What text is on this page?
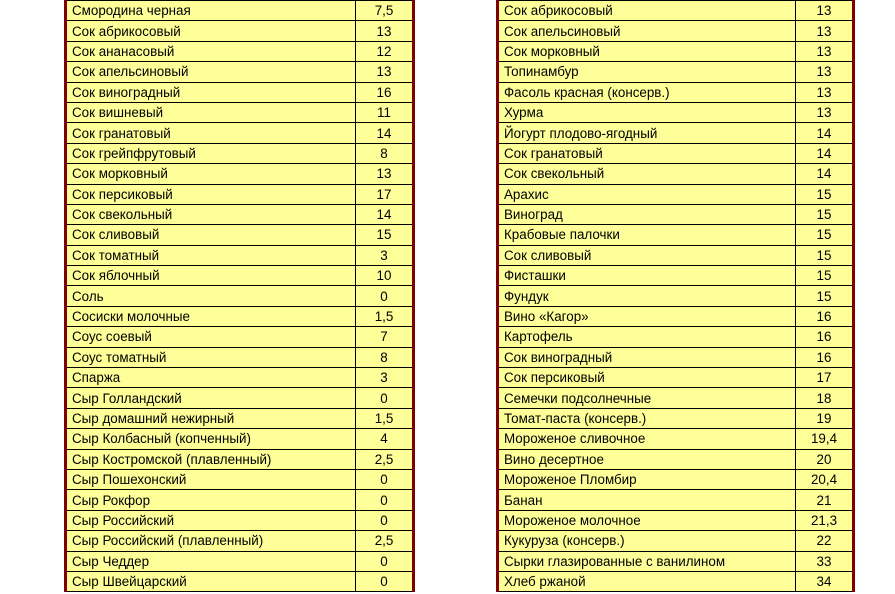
Смородина черная	7,5
Сок абрикосовый	13
Сок ананасовый	12
Сок апельсиновый	13
Сок виноградный	16
Сок вишневый	11
Сок гранатовый	14
Сок грейпфрутовый	8
Сок морковный	13
Сок персиковый	17
Сок свекольный	14
Сок сливовый	15
Сок томатный	3
Сок яблочный	10
Соль	0
Сосиски молочные	1,5
Соус соевый	7
Соус томатный	8
Спаржа	3
Сыр Голландский	0
Сыр домашний нежирный	1,5
Сыр Колбасный (копченный)	4
Сыр Костромской (плавленный)	2,5
Сыр Пошехонский	0
Сыр Рокфор	0
Сыр Российский	0
Сыр Российский (плавленный)	2,5
Сыр Чеддер	0
Сыр Швейцарский	0
Сок абрикосовый	13
Сок апельсиновый	13
Сок морковный	13
Топинамбур	13
Фасоль красная (консерв.)	13
Хурма	13
Йогурт плодово-ягодный	14
Сок гранатовый	14
Сок свекольный	14
Арахис	15
Виноград	15
Крабовые палочки	15
Сок сливовый	15
Фисташки	15
Фундук	15
Вино «Кагор»	16
Картофель	16
Сок виноградный	16
Сок персиковый	17
Семечки подсолнечные	18
Томат-паста (консерв.)	19
Мороженое сливочное	19,4
Вино десертное	20
Мороженое Пломбир	20,4
Банан	21
Мороженое молочное	21,3
Кукуруза (консерв.)	22
Сырки глазированные с ванилином	33
Хлеб ржаной	34
